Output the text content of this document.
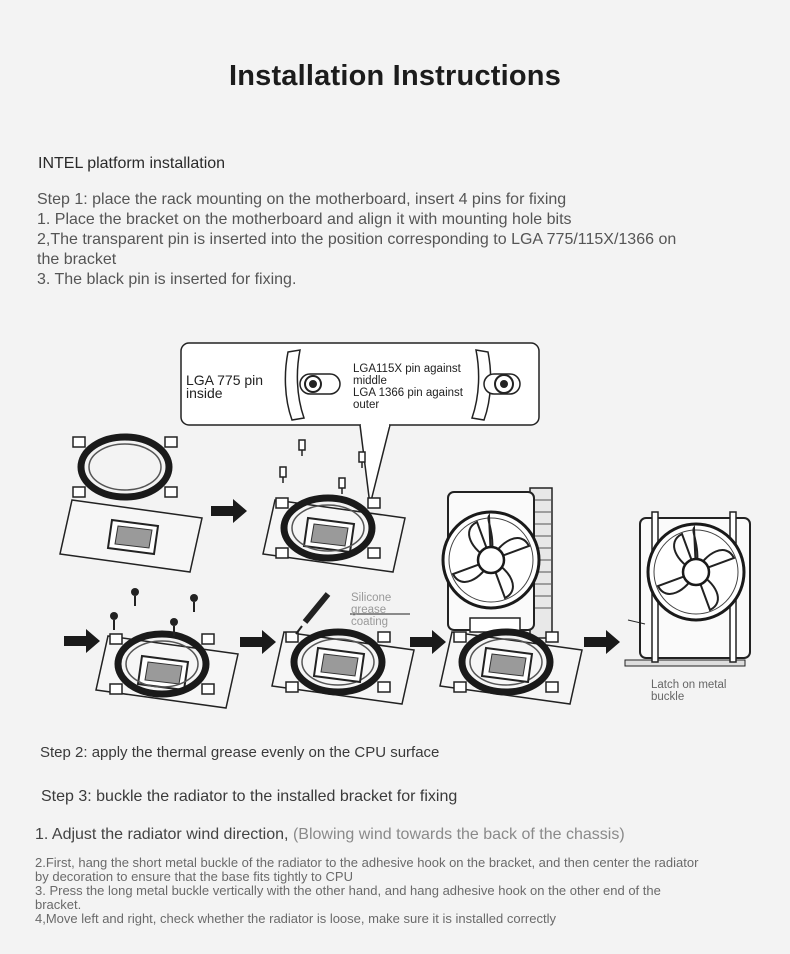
Installation Instructions
INTEL platform installation
Step 1: place the rack mounting on the motherboard, insert 4 pins for fixing
1. Place the bracket on the motherboard and align it with mounting hole bits
2,The transparent pin is inserted into the position corresponding to LGA 775/115X/1366 on
the bracket
3. The black pin is inserted for fixing.
LGA 775 pin
inside
LGA115X pin against
middle
LGA 1366 pin against
outer
Silicone
grease
coating
Latch on metal
buckle
Step 2: apply the thermal grease evenly on the CPU surface
Step 3: buckle the radiator to the installed bracket for fixing
1. Adjust the radiator wind direction, (Blowing wind towards the back of the chassis)
2.First, hang the short metal buckle of the radiator to the adhesive hook on the bracket, and then center the radiator
by decoration to ensure that the base fits tightly to CPU
3. Press the long metal buckle vertically with the other hand, and hang adhesive hook on the other end of the
bracket.
4,Move left and right, check whether the radiator is loose, make sure it is installed correctly
